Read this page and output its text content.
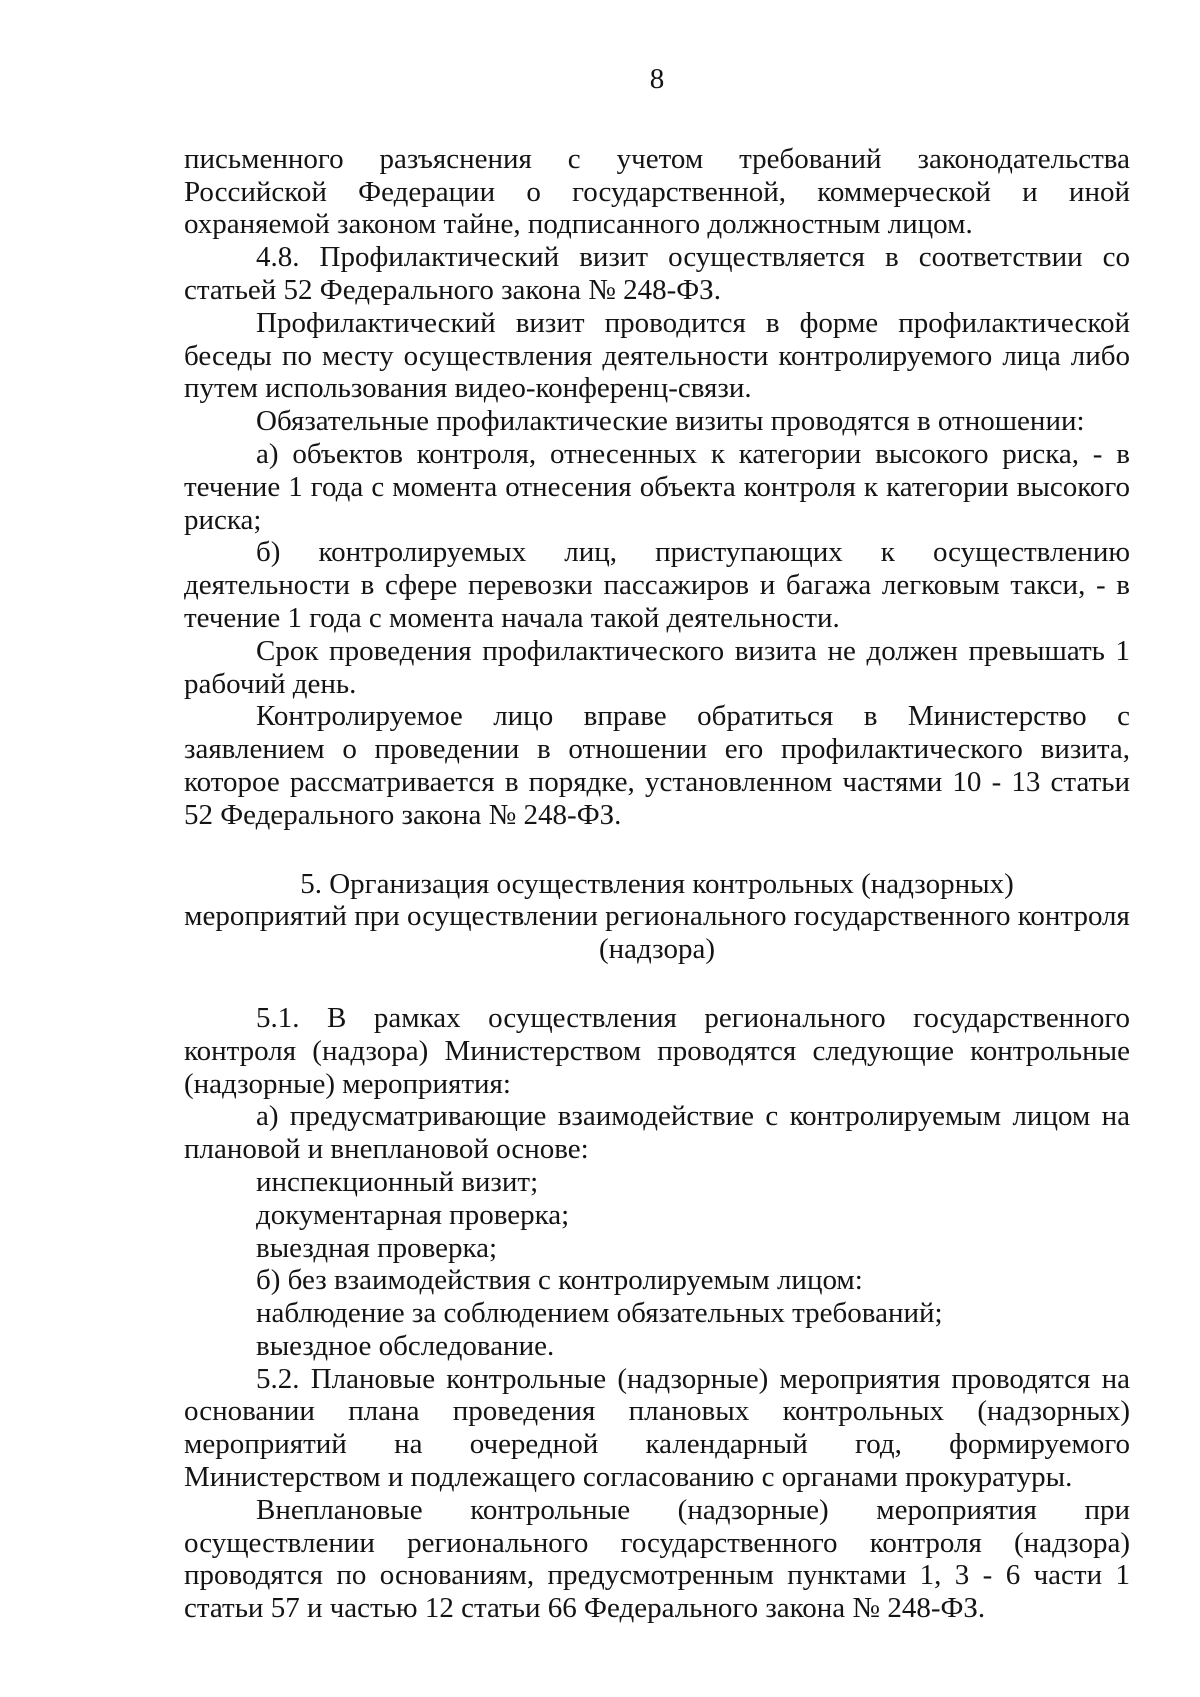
8

письменного разъяснения с учетом требований законодательства Российской Федерации о государственной, коммерческой и иной охраняемой законом тайне, подписанного должностным лицом.

4.8. Профилактический визит осуществляется в соответствии со статьей 52 Федерального закона № 248-ФЗ.

Профилактический визит проводится в форме профилактической беседы по месту осуществления деятельности контролируемого лица либо путем использования видео-конференц-связи.

Обязательные профилактические визиты проводятся в отношении:

а) объектов контроля, отнесенных к категории высокого риска, - в течение 1 года с момента отнесения объекта контроля к категории высокого риска;

б) контролируемых лиц, приступающих к осуществлению деятельности в сфере перевозки пассажиров и багажа легковым такси, - в течение 1 года с момента начала такой деятельности.

Срок проведения профилактического визита не должен превышать 1 рабочий день.

Контролируемое лицо вправе обратиться в Министерство с заявлением о проведении в отношении его профилактического визита, которое рассматривается в порядке, установленном частями 10 - 13 статьи 52 Федерального закона № 248-ФЗ.

5. Организация осуществления контрольных (надзорных)
мероприятий при осуществлении регионального государственного контроля
(надзора)

5.1. В рамках осуществления регионального государственного контроля (надзора) Министерством проводятся следующие контрольные (надзорные) мероприятия:

а) предусматривающие взаимодействие с контролируемым лицом на плановой и внеплановой основе:

инспекционный визит;
документарная проверка;
выездная проверка;
б) без взаимодействия с контролируемым лицом:
наблюдение за соблюдением обязательных требований;
выездное обследование.

5.2. Плановые контрольные (надзорные) мероприятия проводятся на основании плана проведения плановых контрольных (надзорных) мероприятий на очередной календарный год, формируемого Министерством и подлежащего согласованию с органами прокуратуры.

Внеплановые контрольные (надзорные) мероприятия при осуществлении регионального государственного контроля (надзора) проводятся по основаниям, предусмотренным пунктами 1, 3 - 6 части 1 статьи 57 и частью 12 статьи 66 Федерального закона № 248-ФЗ.
